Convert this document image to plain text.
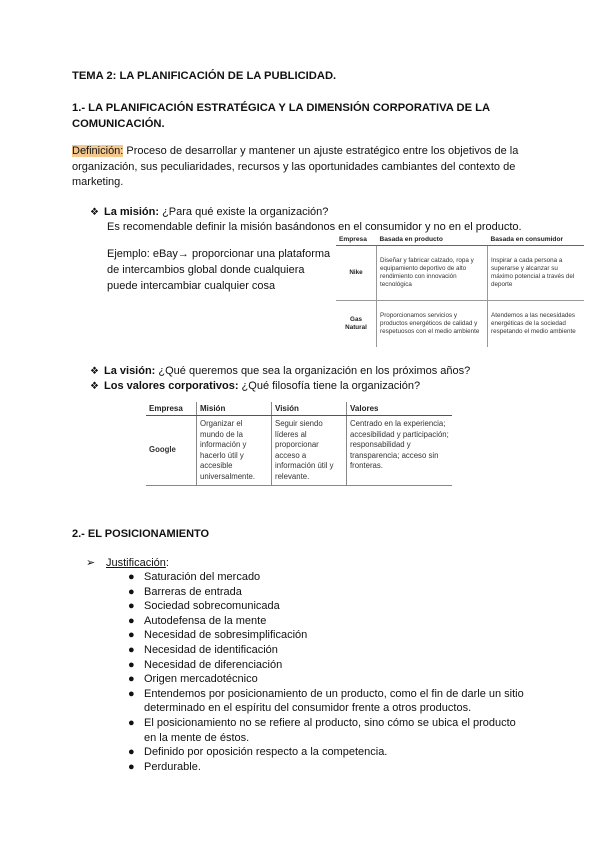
TEMA 2: LA PLANIFICACIÓN DE LA PUBLICIDAD.
1.- LA PLANIFICACIÓN ESTRATÉGICA Y LA DIMENSIÓN CORPORATIVA DE LA COMUNICACIÓN.
Definición: Proceso de desarrollar y mantener un ajuste estratégico entre los objetivos de la organización, sus peculiaridades, recursos y las oportunidades cambiantes del contexto de marketing.
❖ La misión: ¿Para qué existe la organización?
Es recomendable definir la misión basándonos en el consumidor y no en el producto.
Ejemplo: eBay→ proporcionar una plataforma de intercambios global donde cualquiera puede intercambiar cualquier cosa
Empresa	Basada en producto	Basada en consumidor
Nike	Diseñar y fabricar calzado, ropa y equipamiento deportivo de alto rendimiento con innovación tecnológica	Inspirar a cada persona a superarse y alcanzar su máximo potencial a través del deporte
Gas Natural	Proporcionamos servicios y productos energéticos de calidad y respetuosos con el medio ambiente	Atendemos a las necesidades energéticas de la sociedad respetando el medio ambiente
❖ La visión: ¿Qué queremos que sea la organización en los próximos años?
❖ Los valores corporativos: ¿Qué filosofía tiene la organización?
Empresa	Misión	Visión	Valores
Google	Organizar el mundo de la información y hacerlo útil y accesible universalmente.	Seguir siendo líderes al proporcionar acceso a información útil y relevante.	Centrado en la experiencia; accesibilidad y participación; responsabilidad y transparencia; acceso sin fronteras.
2.- EL POSICIONAMIENTO
➢ Justificación:
● Saturación del mercado
● Barreras de entrada
● Sociedad sobrecomunicada
● Autodefensa de la mente
● Necesidad de sobresimplificación
● Necesidad de identificación
● Necesidad de diferenciación
● Origen mercadotécnico
● Entendemos por posicionamiento de un producto, como el fin de darle un sitio determinado en el espíritu del consumidor frente a otros productos.
● El posicionamiento no se refiere al producto, sino cómo se ubica el producto en la mente de éstos.
● Definido por oposición respecto a la competencia.
● Perdurable.
